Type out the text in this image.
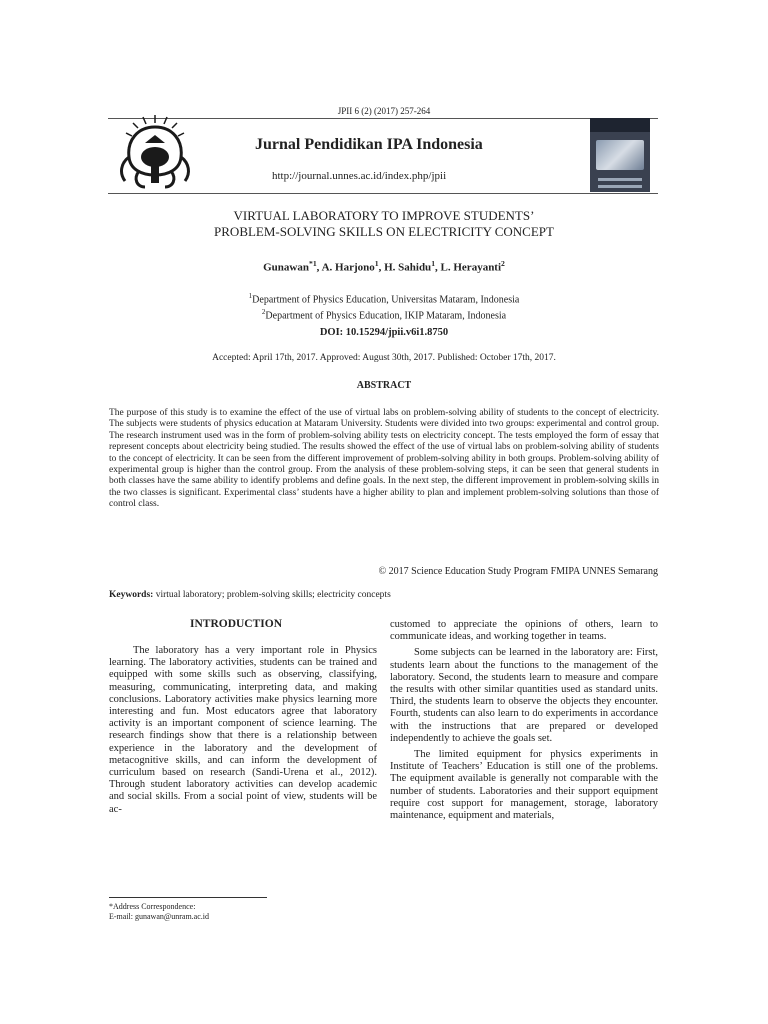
JPII 6 (2) (2017) 257-264
Jurnal Pendidikan IPA Indonesia
http://journal.unnes.ac.id/index.php/jpii
VIRTUAL LABORATORY TO IMPROVE STUDENTS’
PROBLEM-SOLVING SKILLS ON ELECTRICITY CONCEPT
Gunawan$^{*1}$, A. Harjono$^1$, H. Sahidu$^1$, L. Herayanti$^2$
$^1$Department of Physics Education, Universitas Mataram, Indonesia
$^2$Department of Physics Education, IKIP Mataram, Indonesia
DOI: 10.15294/jpii.v6i1.8750
Accepted: April 17th, 2017. Approved: August 30th, 2017. Published: October 17th, 2017.
ABSTRACT
The purpose of this study is to examine the effect of the use of virtual labs on problem-solving ability of students to the concept of electricity. The subjects were students of physics education at Mataram University. Students were divided into two groups: experimental and control group. The research instrument used was in the form of problem-solving ability tests on electricity concept. The tests employed the form of essay that represent concepts about electricity being studied. The results showed the effect of the use of virtual labs on problem-solving ability of students to the concept of electricity. It can be seen from the different improvement of problem-solving ability in both groups. Problem-solving ability of experimental group is higher than the control group. From the analysis of these problem-solving steps, it can be seen that general students in both classes have the same ability to identify problems and define goals. In the next step, the different improvement in problem-solving skills in the two classes is significant. Experimental class’ students have a higher ability to plan and implement problem-solving solutions than those of control class.
© 2017 Science Education Study Program FMIPA UNNES Semarang
Keywords: virtual laboratory; problem-solving skills; electricity concepts
INTRODUCTION

The laboratory has a very important role in Physics learning. The laboratory activities, students can be trained and equipped with some skills such as observing, classifying, measuring, communicating, interpreting data, and making conclusions. Laboratory activities make physics learning more interesting and fun. Most educators agree that laboratory activity is an important component of science learning. The research findings show that there is a relationship between experience in the laboratory and the development of metacognitive skills, and can inform the development of curriculum based on research (Sandi-Urena et al., 2012). Through student laboratory activities can develop academic and social skills. From a social point of view, students will be ac-

customed to appreciate the opinions of others, learn to communicate ideas, and working together in teams.

Some subjects can be learned in the laboratory are: First, students learn about the functions to the management of the laboratory. Second, the students learn to measure and compare the results with other similar quantities used as standard units. Third, the students learn to observe the objects they encounter. Fourth, students can also learn to do experiments in accordance with the instructions that are prepared or developed independently to achieve the goals set.

The limited equipment for physics experiments in Institute of Teachers’ Education is still one of the problems. The equipment available is generally not comparable with the number of students. Laboratories and their support equipment require cost support for management, storage, laboratory maintenance, equipment and materials,

*Address Correspondence:
E-mail: gunawan@unram.ac.id
